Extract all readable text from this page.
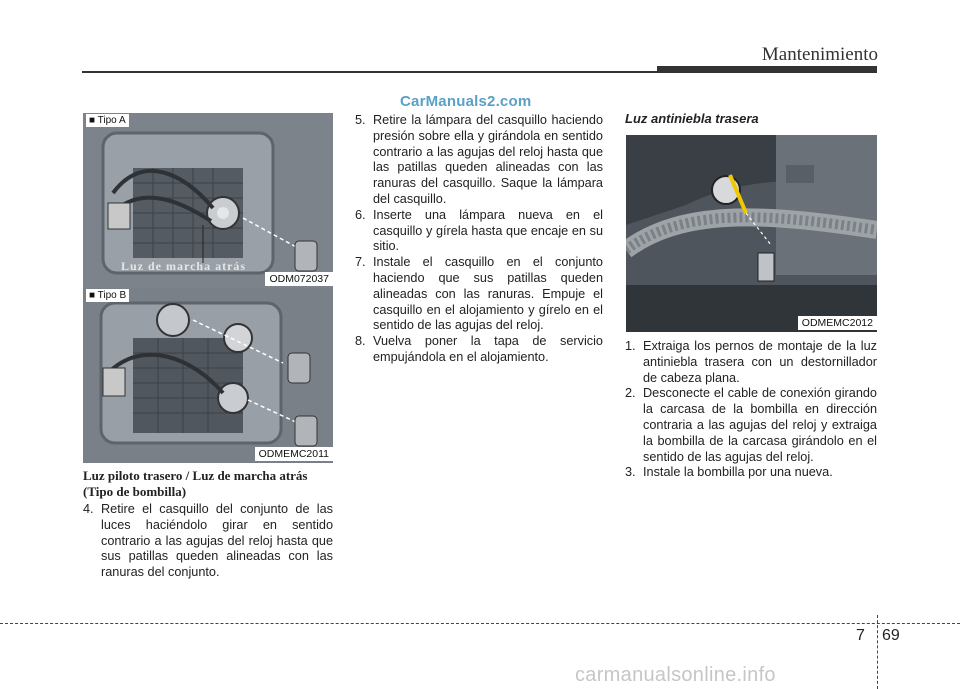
Mantenimiento
CarManuals2.com
■ Tipo A
Luz de marcha atrás
ODM072037
■ Tipo B
ODMEMC2011
Luz piloto trasero / Luz de marcha atrás
(Tipo de bombilla)
4. Retire el casquillo del conjunto de las luces haciéndolo girar en sentido contrario a las agujas del reloj hasta que sus patillas queden alineadas con las ranuras del conjunto.
5. Retire la lámpara del casquillo haciendo presión sobre ella y girándola en sentido contrario a las agujas del reloj hasta que las patillas queden alineadas con las ranuras del casquillo. Saque la lámpara del casquillo.
6. Inserte una lámpara nueva en el casquillo y gírela hasta que encaje en su sitio.
7. Instale el casquillo en el conjunto haciendo que sus patillas queden alineadas con las ranuras. Empuje el casquillo en el alojamiento y gírelo en el sentido de las agujas del reloj.
8. Vuelva poner la tapa de servicio empujándola en el alojamiento.
Luz antiniebla trasera
ODMEMC2012
1. Extraiga los pernos de montaje de la luz antiniebla trasera con un destornillador de cabeza plana.
2. Desconecte el cable de conexión girando la carcasa de la bombilla en dirección contraria a las agujas del reloj y extraiga la bombilla de la carcasa girándolo en el sentido de las agujas del reloj.
3. Instale la bombilla por una nueva.
7 69
carmanualsonline.info
